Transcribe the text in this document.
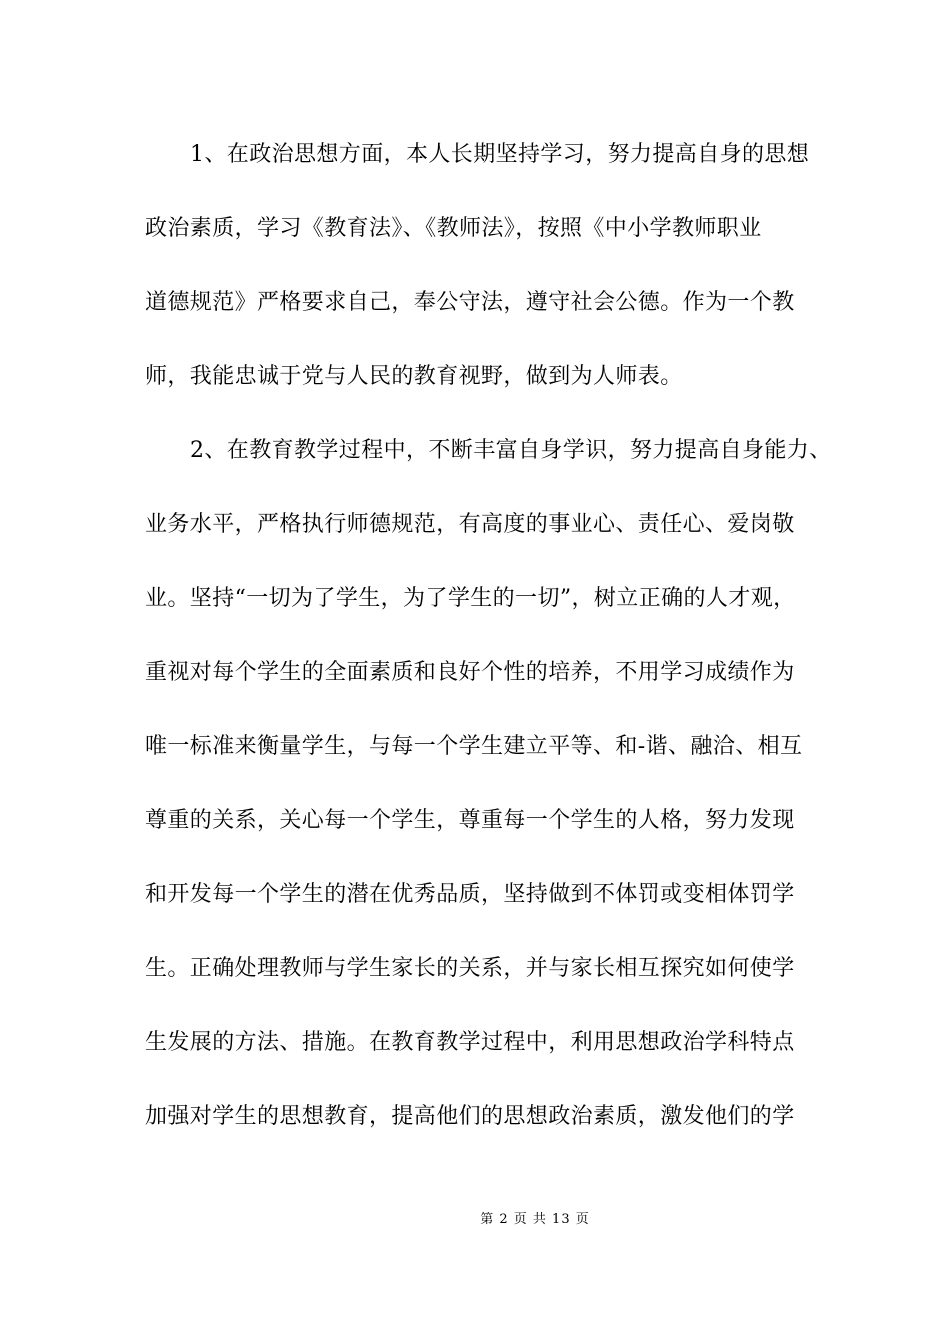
1、在政治思想方面，本人长期坚持学习，努力提高自身的思想
政治素质，学习《教育法》、《教师法》，按照《中小学教师职业
道德规范》严格要求自己，奉公守法，遵守社会公德。作为一个教
师，我能忠诚于党与人民的教育视野，做到为人师表。
2、在教育教学过程中，不断丰富自身学识，努力提高自身能力、
业务水平，严格执行师德规范，有高度的事业心、责任心、爱岗敬
业。坚持“一切为了学生，为了学生的一切”，树立正确的人才观，
重视对每个学生的全面素质和良好个性的培养，不用学习成绩作为
唯一标准来衡量学生，与每一个学生建立平等、和-谐、融洽、相互
尊重的关系，关心每一个学生，尊重每一个学生的人格，努力发现
和开发每一个学生的潜在优秀品质，坚持做到不体罚或变相体罚学
生。正确处理教师与学生家长的关系，并与家长相互探究如何使学
生发展的方法、措施。在教育教学过程中，利用思想政治学科特点
加强对学生的思想教育，提高他们的思想政治素质，激发他们的学
第 2 页 共 13 页
